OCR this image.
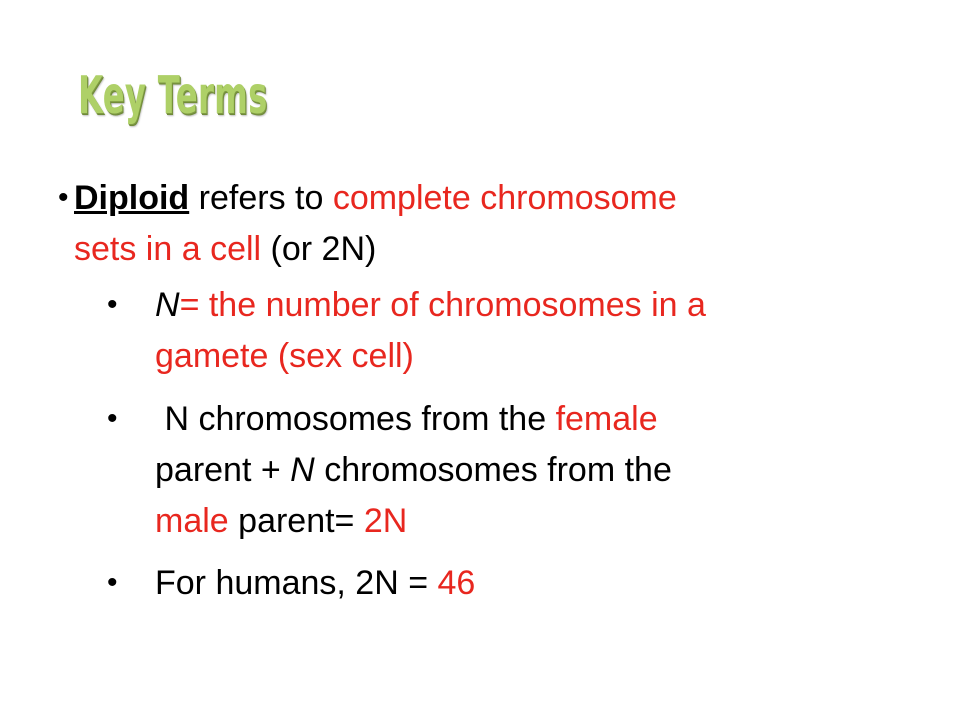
Key Terms
• Diploid refers to complete chromosome
sets in a cell (or 2N)
• N= the number of chromosomes in a
gamete (sex cell)
• N chromosomes from the female
parent + N chromosomes from the
male parent= 2N
• For humans, 2N = 46
